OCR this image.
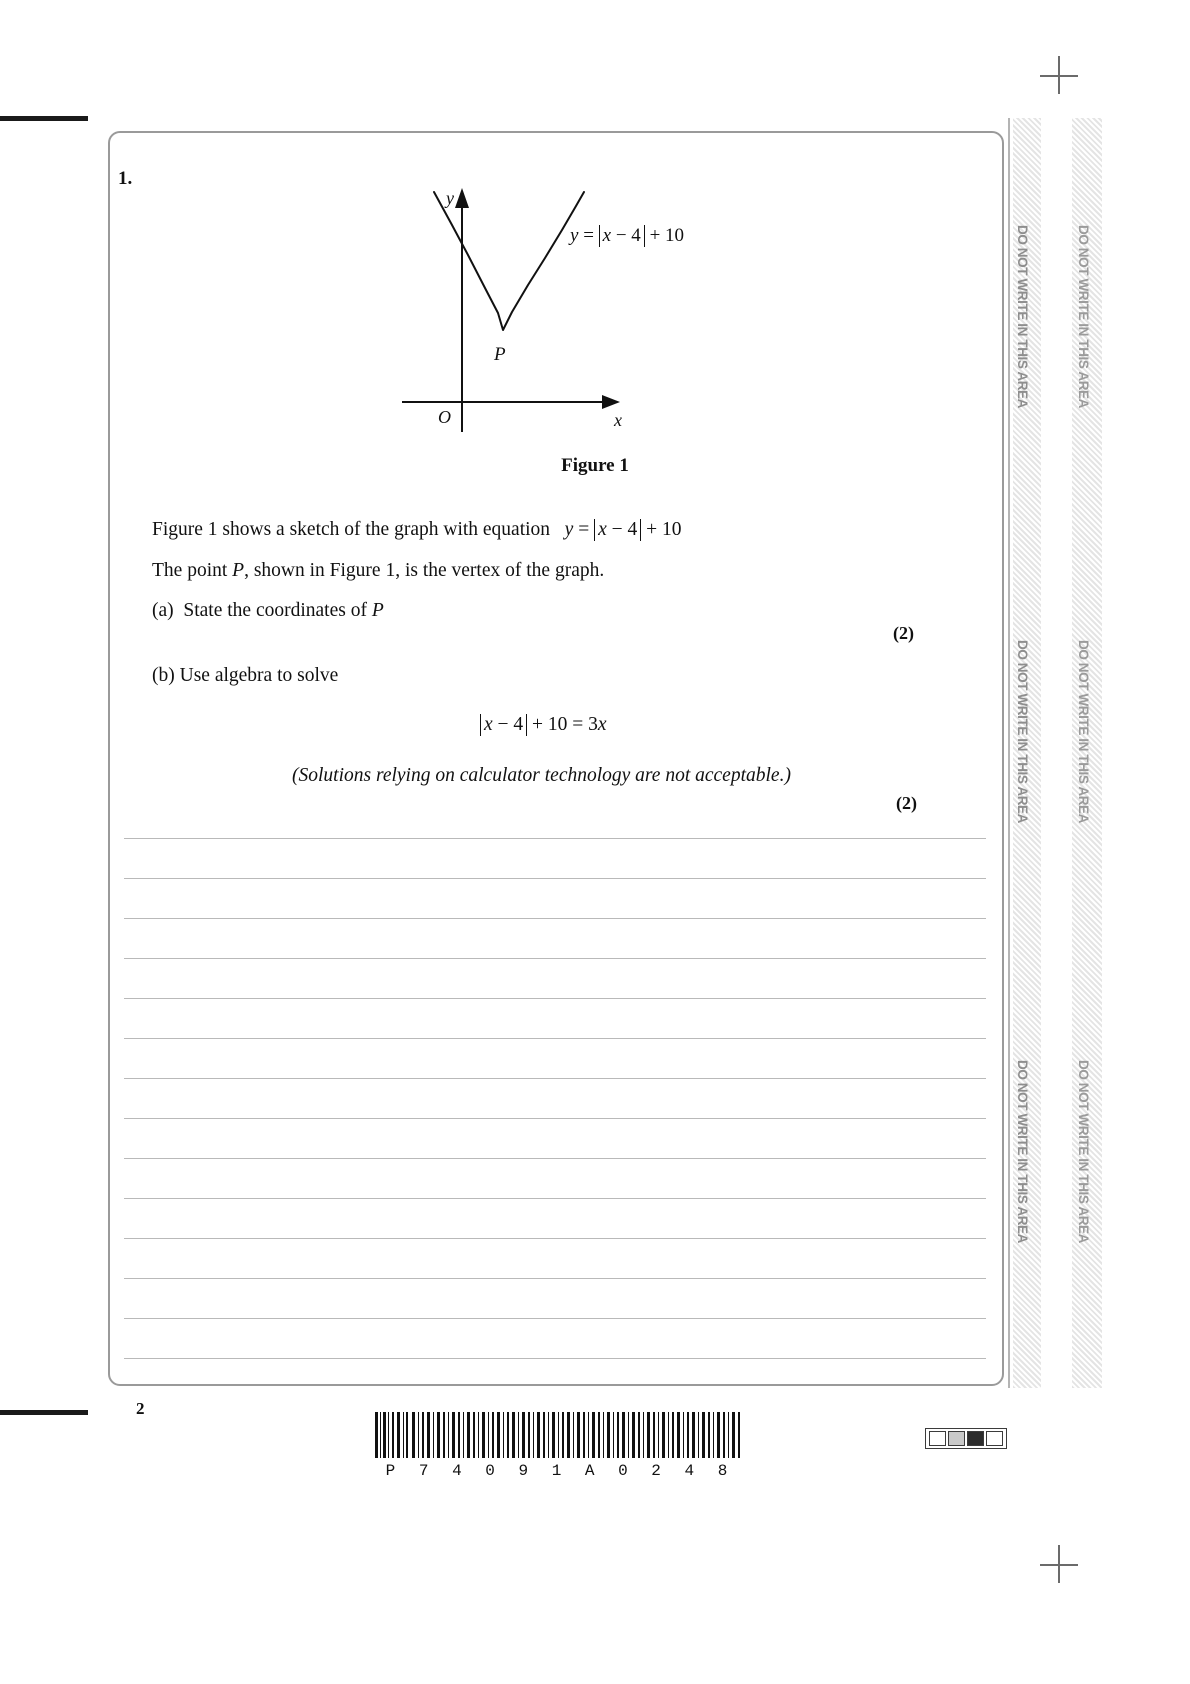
1.
y
x
O
P
y = x − 4 + 10
Figure 1
Figure 1 shows a sketch of the graph with equation   y = x − 4 + 10
The point P, shown in Figure 1, is the vertex of the graph.
(a)  State the coordinates of P
(2)
(b) Use algebra to solve
x − 4 + 10 = 3x
(Solutions relying on calculator technology are not acceptable.)
(2)
DO NOT WRITE IN THIS AREA
DO NOT WRITE IN THIS AREA
DO NOT WRITE IN THIS AREA
DO NOT WRITE IN THIS AREA
DO NOT WRITE IN THIS AREA
DO NOT WRITE IN THIS AREA
2
P 7 4 0 9 1 A 0 2 4 8
